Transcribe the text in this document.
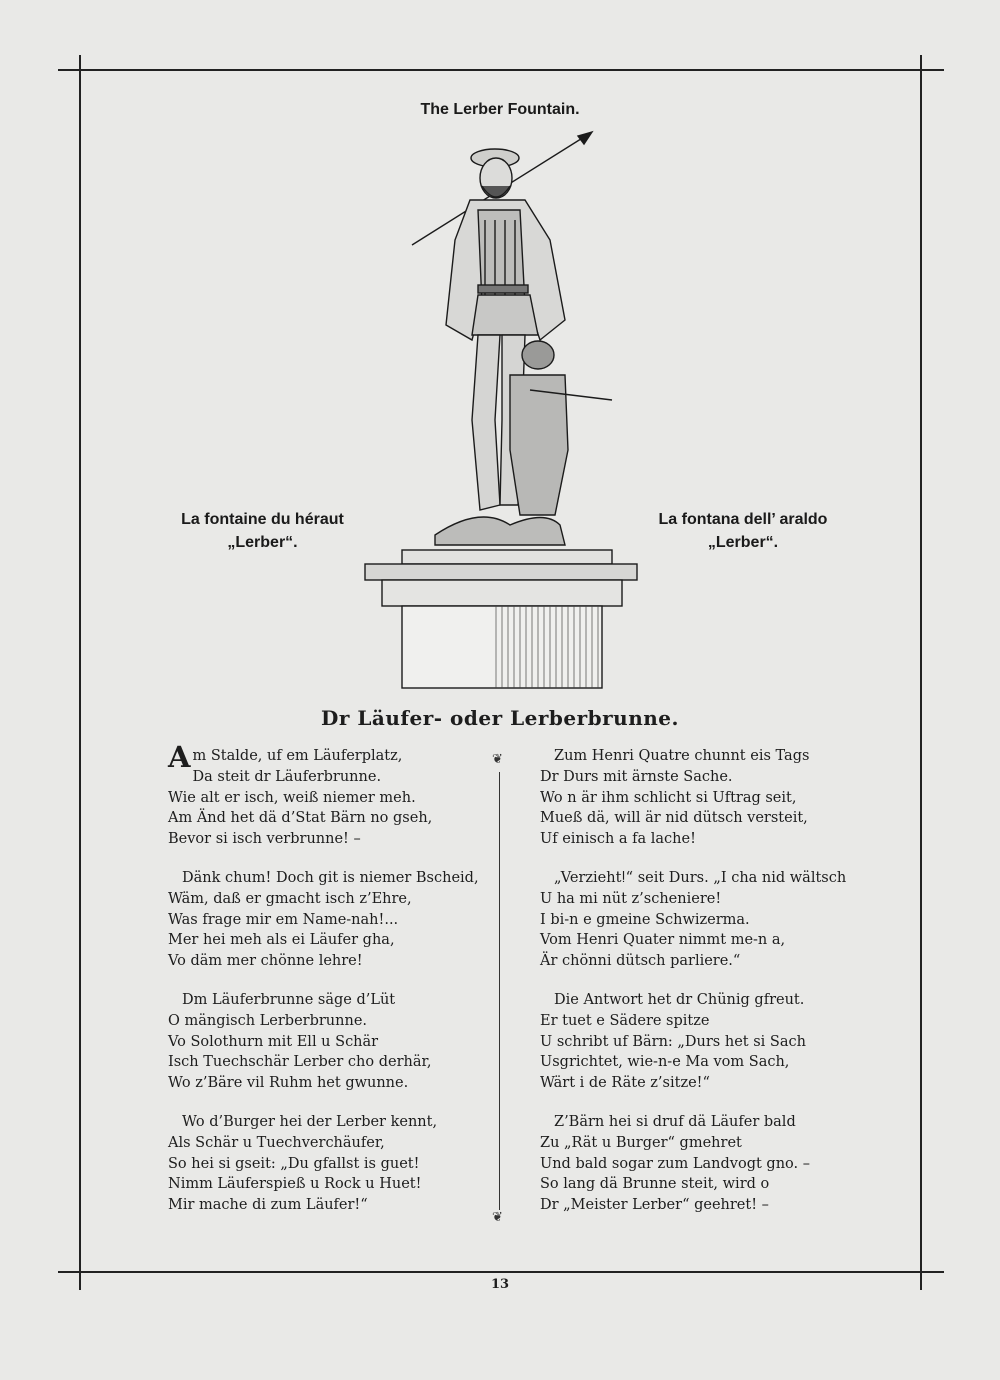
The Lerber Fountain.
La fontaine du héraut
„Lerber“.
La fontana dell’ araldo
„Lerber“.
Dr Läufer- oder Lerberbrunne.
Am Stalde, uf em Läuferplatz,
Da steit dr Läuferbrunne.
Wie alt er isch, weiß niemer meh.
Am Änd het dä d’Stat Bärn no gseh,
Bevor si isch verbrunne! –
Dänk chum! Doch git is niemer Bscheid,
Wäm, daß er gmacht isch z’Ehre,
Was frage mir em Name-nah!...
Mer hei meh als ei Läufer gha,
Vo däm mer chönne lehre!
Dm Läuferbrunne säge d’Lüt
O mängisch Lerberbrunne.
Vo Solothurn mit Ell u Schär
Isch Tuechschär Lerber cho derhär,
Wo z’Bäre vil Ruhm het gwunne.
Wo d’Burger hei der Lerber kennt,
Als Schär u Tuechverchäufer,
So hei si gseit: „Du gfallst is guet!
Nimm Läuferspieß u Rock u Huet!
Mir mache di zum Läufer!“
❦
❦
Zum Henri Quatre chunnt eis Tags
Dr Durs mit ärnste Sache.
Wo n är ihm schlicht si Uftrag seit,
Mueß dä, will är nid dütsch versteit,
Uf einisch a fa lache!
„Verziehtǃ“ seit Durs. „I cha nid wältsch
U ha mi nüt z’scheniere!
I bi-n e gmeine Schwizerma.
Vom Henri Quater nimmt me-n a,
Är chönni dütsch parliere.“
Die Antwort het dr Chünig gfreut.
Er tuet e Sädere spitze
U schribt uf Bärn: „Durs het si Sach
Usgrichtet, wie-n-e Ma vom Sach,
Wärt i de Räte z’sitze!“
Z’Bärn hei si druf dä Läufer bald
Zu „Rät u Burger“ gmehret
Und bald sogar zum Landvogt gno. –
So lang dä Brunne steit, wird o
Dr „Meister Lerber“ geehret! –
13
